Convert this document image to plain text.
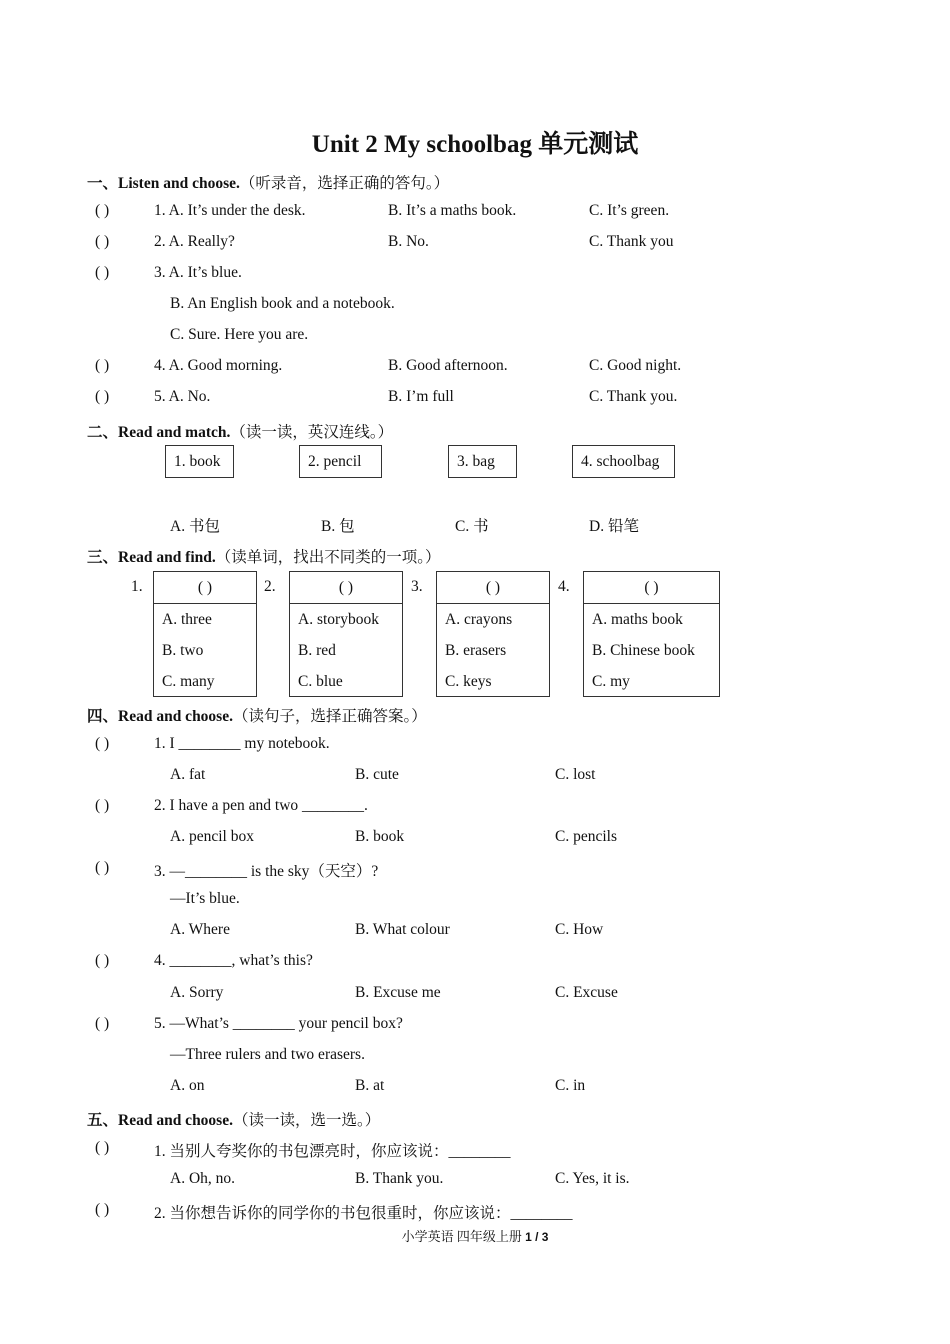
Unit 2 My schoolbag 单元测试
一、Listen and choose.（听录音，选择正确的答句。）
( )	1. A. It’s under the desk.	B. It’s a maths book.	C. It’s green.
( )	2. A. Really?	B. No.	C. Thank you
( )	3. A. It’s blue.
B. An English book and a notebook.
C. Sure. Here you are.
( )	4. A. Good morning.	B. Good afternoon.	C. Good night.
( )	5. A. No.	B. I’m full	C. Thank you.
二、Read and match.（读一读，英汉连线。）
1. book	2. pencil	3. bag	4. schoolbag
A. 书包	B. 包	C. 书	D. 铅笔
三、Read and find.（读单词，找出不同类的一项。）
1.	( )
A. three
B. two
C. many
2.	( )
A. storybook
B. red
C. blue
3.	( )
A. crayons
B. erasers
C. keys
4.	( )
A. maths book
B. Chinese book
C. my
四、Read and choose.（读句子，选择正确答案。）
( )	1. I ________ my notebook.
A. fat	B. cute	C. lost
( )	2. I have a pen and two ________.
A. pencil box	B. book	C. pencils
( )	3. —________ is the sky（天空）?
—It’s blue.
A. Where	B. What colour	C. How
( )	4. ________, what’s this?
A. Sorry	B. Excuse me	C. Excuse
( )	5. —What’s ________ your pencil box?
—Three rulers and two erasers.
A. on	B. at	C. in
五、Read and choose.（读一读，选一选。）
( )	1. 当别人夸奖你的书包漂亮时，你应该说：________
A. Oh, no.	B. Thank you.	C. Yes, it is.
( )	2. 当你想告诉你的同学你的书包很重时，你应该说：________
小学英语 四年级上册 1 / 3
